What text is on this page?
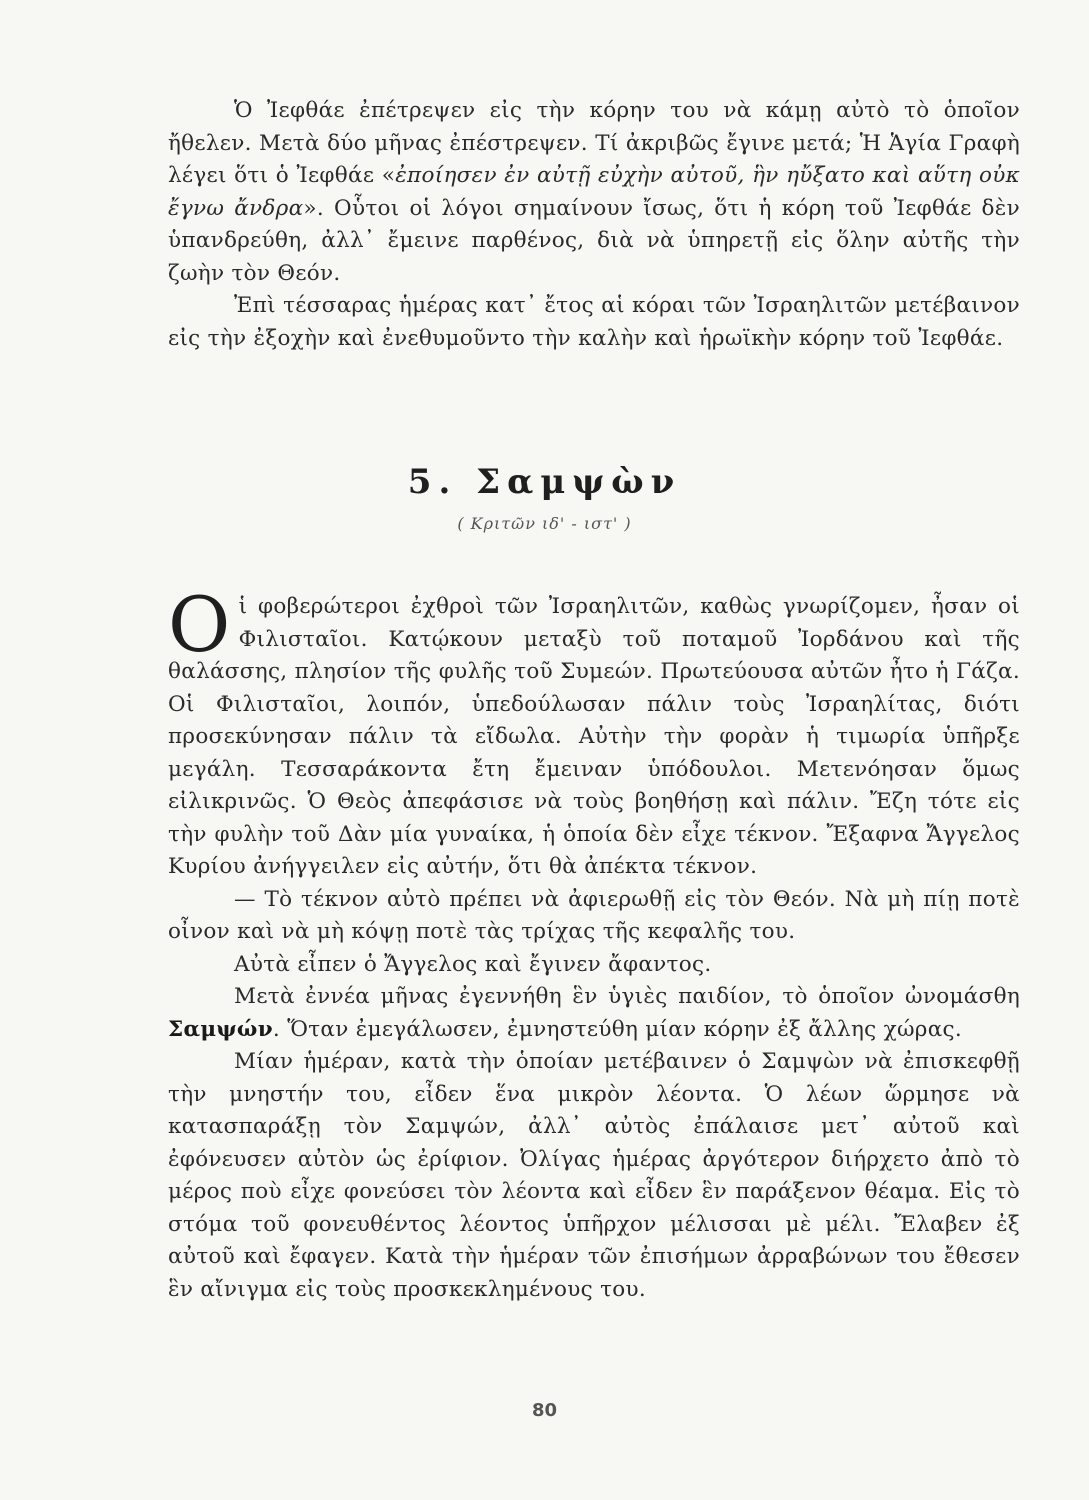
Ὁ Ἰεφθάε ἐπέτρεψεν εἰς τὴν κόρην του νὰ κάμῃ αὐτὸ τὸ ὁποῖον ἤθελεν. Μετὰ δύο μῆνας ἐπέστρεψεν. Τί ἀκριβῶς ἔγινε μετά; Ἡ Ἁγία Γραφὴ λέγει ὅτι ὁ Ἰεφθάε «ἐποίησεν ἐν αὐτῇ εὐχὴν αὐτοῦ, ἣν ηὔξατο καὶ αὕτη οὐκ ἔγνω ἄνδρα». Οὗτοι οἱ λόγοι σημαίνουν ἴσως, ὅτι ἡ κόρη τοῦ Ἰεφθάε δὲν ὑπανδρεύθη, ἀλλ᾽ ἔμεινε παρθένος, διὰ νὰ ὑπηρετῇ εἰς ὅλην αὐτῆς τὴν ζωὴν τὸν Θεόν.

Ἐπὶ τέσσαρας ἡμέρας κατ᾽ ἔτος αἱ κόραι τῶν Ἰσραηλιτῶν μετέβαινον εἰς τὴν ἐξοχὴν καὶ ἐνεθυμοῦντο τὴν καλὴν καὶ ἡρωϊκὴν κόρην τοῦ Ἰεφθάε.

5. Σαμψὼν
( Κριτῶν ιδ' - ιστ' )

Oἱ φοβερώτεροι ἐχθροὶ τῶν Ἰσραηλιτῶν, καθὼς γνωρίζομεν, ἦσαν οἱ Φιλισταῖοι. Κατῴκουν μεταξὺ τοῦ ποταμοῦ Ἰορδάνου καὶ τῆς θαλάσσης, πλησίον τῆς φυλῆς τοῦ Συμεών. Πρωτεύουσα αὐτῶν ἦτο ἡ Γάζα. Οἱ Φιλισταῖοι, λοιπόν, ὑπεδούλωσαν πάλιν τοὺς Ἰσραηλίτας, διότι προσεκύνησαν πάλιν τὰ εἴδωλα. Αὐτὴν τὴν φορὰν ἡ τιμωρία ὑπῆρξε μεγάλη. Τεσσαράκοντα ἔτη ἔμειναν ὑπόδουλοι. Μετενόησαν ὅμως εἰλικρινῶς. Ὁ Θεὸς ἀπεφάσισε νὰ τοὺς βοηθήσῃ καὶ πάλιν. Ἔζη τότε εἰς τὴν φυλὴν τοῦ Δὰν μία γυναίκα, ἡ ὁποία δὲν εἶχε τέκνον. Ἔξαφνα Ἄγγελος Κυρίου ἀνήγγειλεν εἰς αὐτήν, ὅτι θὰ ἀπέκτα τέκνον.

— Τὸ τέκνον αὐτὸ πρέπει νὰ ἀφιερωθῇ εἰς τὸν Θεόν. Νὰ μὴ πίῃ ποτὲ οἶνον καὶ νὰ μὴ κόψῃ ποτὲ τὰς τρίχας τῆς κεφαλῆς του.

Αὐτὰ εἶπεν ὁ Ἄγγελος καὶ ἔγινεν ἄφαντος.

Μετὰ ἐννέα μῆνας ἐγεννήθη ἓν ὑγιὲς παιδίον, τὸ ὁποῖον ὠνομάσθη Σαμψών. Ὅταν ἐμεγάλωσεν, ἐμνηστεύθη μίαν κόρην ἐξ ἄλλης χώρας.

Μίαν ἡμέραν, κατὰ τὴν ὁποίαν μετέβαινεν ὁ Σαμψὼν νὰ ἐπισκεφθῇ τὴν μνηστήν του, εἶδεν ἕνα μικρὸν λέοντα. Ὁ λέων ὥρμησε νὰ κατασπαράξῃ τὸν Σαμψών, ἀλλ᾽ αὐτὸς ἐπάλαισε μετ᾽ αὐτοῦ καὶ ἐφόνευσεν αὐτὸν ὡς ἐρίφιον. Ὀλίγας ἡμέρας ἀργότερον διήρχετο ἀπὸ τὸ μέρος ποὺ εἶχε φονεύσει τὸν λέοντα καὶ εἶδεν ἓν παράξενον θέαμα. Εἰς τὸ στόμα τοῦ φονευθέντος λέοντος ὑπῆρχον μέλισσαι μὲ μέλι. Ἔλαβεν ἐξ αὐτοῦ καὶ ἔφαγεν. Κατὰ τὴν ἡμέραν τῶν ἐπισήμων ἀρραβώνων του ἔθεσεν ἓν αἴνιγμα εἰς τοὺς προσκεκλημένους του.

80
